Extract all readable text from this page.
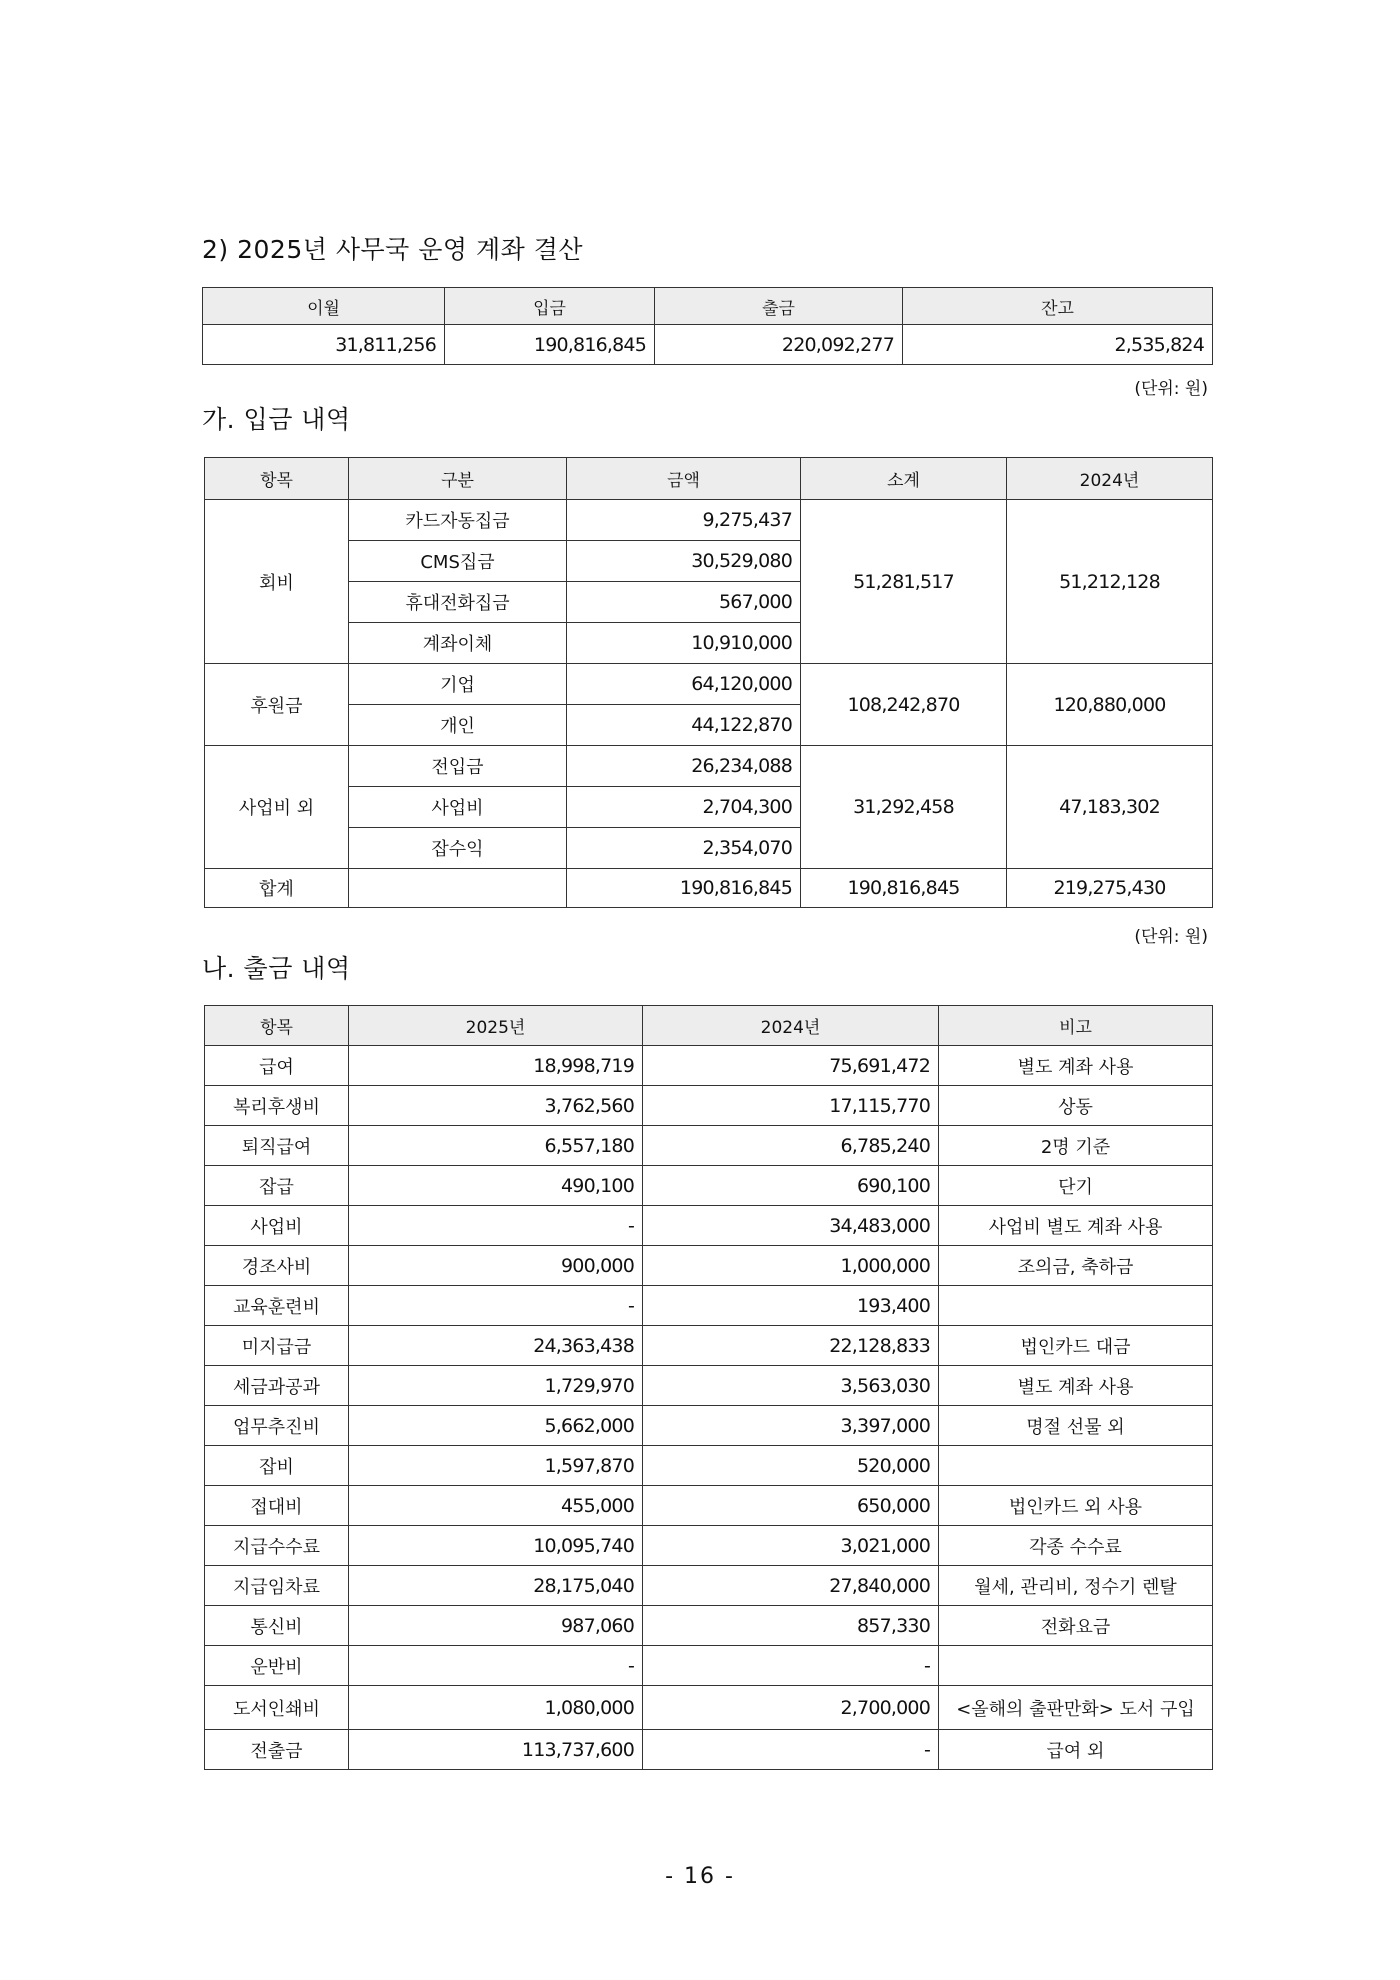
2) 2025년 사무국 운영 계좌 결산
이월	입금	출금	잔고
31,811,256	190,816,845	220,092,277	2,535,824
(단위: 원)
가. 입금 내역
항목	구분	금액	소계	2024년
회비	카드자동집금	9,275,437	51,281,517	51,212,128
	CMS집금	30,529,080		
	휴대전화집금	567,000		
	계좌이체	10,910,000		
후원금	기업	64,120,000	108,242,870	120,880,000
	개인	44,122,870		
사업비 외	전입금	26,234,088	31,292,458	47,183,302
	사업비	2,704,300		
	잡수익	2,354,070		
합계		190,816,845	190,816,845	219,275,430
(단위: 원)
나. 출금 내역
항목	2025년	2024년	비고
급여	18,998,719	75,691,472	별도 계좌 사용
복리후생비	3,762,560	17,115,770	상동
퇴직급여	6,557,180	6,785,240	2명 기준
잡급	490,100	690,100	단기
사업비	-	34,483,000	사업비 별도 계좌 사용
경조사비	900,000	1,000,000	조의금, 축하금
교육훈련비	-	193,400	
미지급금	24,363,438	22,128,833	법인카드 대금
세금과공과	1,729,970	3,563,030	별도 계좌 사용
업무추진비	5,662,000	3,397,000	명절 선물 외
잡비	1,597,870	520,000	
접대비	455,000	650,000	법인카드 외 사용
지급수수료	10,095,740	3,021,000	각종 수수료
지급임차료	28,175,040	27,840,000	월세, 관리비, 정수기 렌탈
통신비	987,060	857,330	전화요금
운반비	-	-	
도서인쇄비	1,080,000	2,700,000	<올해의 출판만화> 도서 구입
전출금	113,737,600	-	급여 외
- 16 -
